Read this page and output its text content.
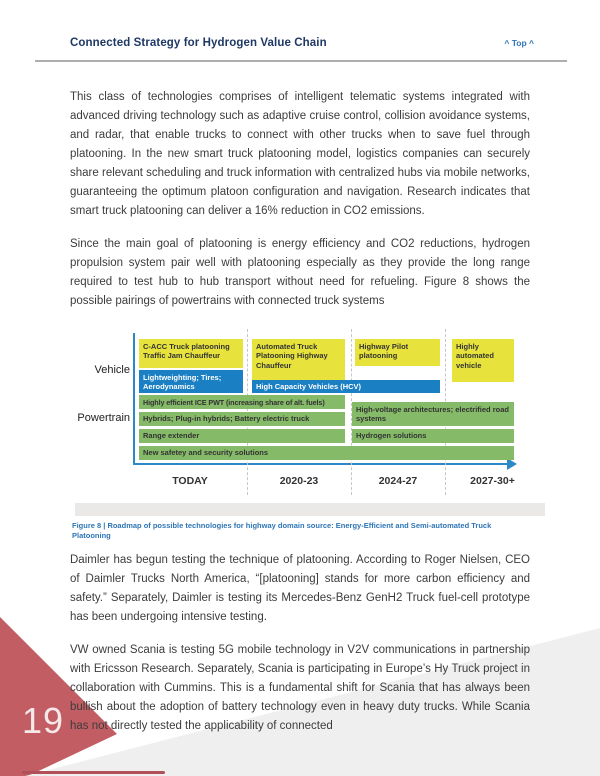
Connected Strategy for Hydrogen Value Chain	^ Top ^

This class of technologies comprises of intelligent telematic systems integrated with advanced driving technology such as adaptive cruise control, collision avoidance systems, and radar, that enable trucks to connect with other trucks when to save fuel through platooning. In the new smart truck platooning model, logistics companies can securely share relevant scheduling and truck information with centralized hubs via mobile networks, guaranteeing the optimum platoon configuration and navigation. Research indicates that smart truck platooning can deliver a 16% reduction in CO2 emissions.

Since the main goal of platooning is energy efficiency and CO2 reductions, hydrogen propulsion system pair well with platooning especially as they provide the long range required to test hub to hub transport without need for refueling. Figure 8 shows the possible pairings of powertrains with connected truck systems

Vehicle
Powertrain
C-ACC Truck platooning Traffic Jam Chauffeur
Automated Truck Platooning Highway Chauffeur
Highway Pilot platooning
Highly automated vehicle
Lightweighting; Tires; Aerodynamics	High Capacity Vehicles (HCV)
Highly efficient ICE PWT (increasing share of alt. fuels)
Hybrids; Plug-in hybrids; Battery electric truck
High-voltage architectures; electrified road systems
Range extender	Hydrogen solutions
New safetey and security solutions
TODAY	2020-23	2024-27	2027-30+
Figure 8 | Roadmap of possible technologies for highway domain source: Energy-Efficient and Semi-automated Truck Platooning

Daimler has begun testing the technique of platooning. According to Roger Nielsen, CEO of Daimler Trucks North America, “[platooning] stands for more carbon efficiency and safety.” Separately, Daimler is testing its Mercedes-Benz GenH2 Truck fuel-cell prototype has been undergoing intensive testing.

VW owned Scania is testing 5G mobile technology in V2V communications in partnership with Ericsson Research. Separately, Scania is participating in Europe’s Hy Truck project in collaboration with Cummins. This is a fundamental shift for Scania that has always been bullish about the adoption of battery technology even in heavy duty trucks. While Scania has not directly tested the applicability of connected

19
